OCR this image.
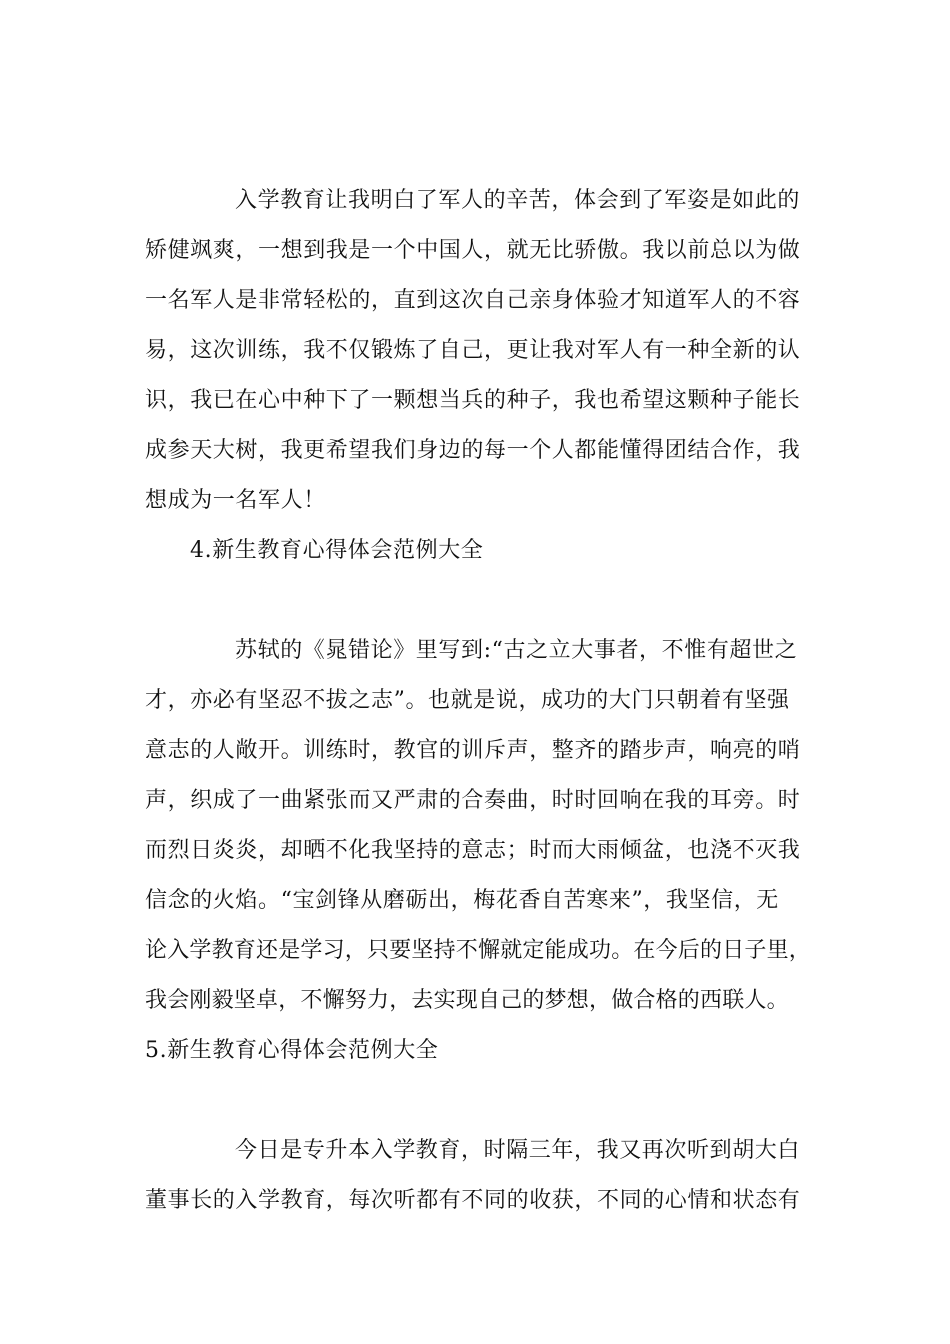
入学教育让我明白了军人的辛苦，体会到了军姿是如此的
矫健飒爽，一想到我是一个中国人，就无比骄傲。我以前总以为做
一名军人是非常轻松的，直到这次自己亲身体验才知道军人的不容
易，这次训练，我不仅锻炼了自己，更让我对军人有一种全新的认
识，我已在心中种下了一颗想当兵的种子，我也希望这颗种子能长
成参天大树，我更希望我们身边的每一个人都能懂得团结合作，我
想成为一名军人！
4.新生教育心得体会范例大全
苏轼的《晁错论》里写到:“古之立大事者，不惟有超世之
才，亦必有坚忍不拔之志”。也就是说，成功的大门只朝着有坚强
意志的人敞开。训练时，教官的训斥声，整齐的踏步声，响亮的哨
声，织成了一曲紧张而又严肃的合奏曲，时时回响在我的耳旁。时
而烈日炎炎，却晒不化我坚持的意志；时而大雨倾盆，也浇不灭我
信念的火焰。“宝剑锋从磨砺出，梅花香自苦寒来”，我坚信，无
论入学教育还是学习，只要坚持不懈就定能成功。在今后的日子里，
我会刚毅坚卓，不懈努力，去实现自己的梦想，做合格的西联人。
5.新生教育心得体会范例大全
今日是专升本入学教育，时隔三年，我又再次听到胡大白
董事长的入学教育，每次听都有不同的收获，不同的心情和状态有
